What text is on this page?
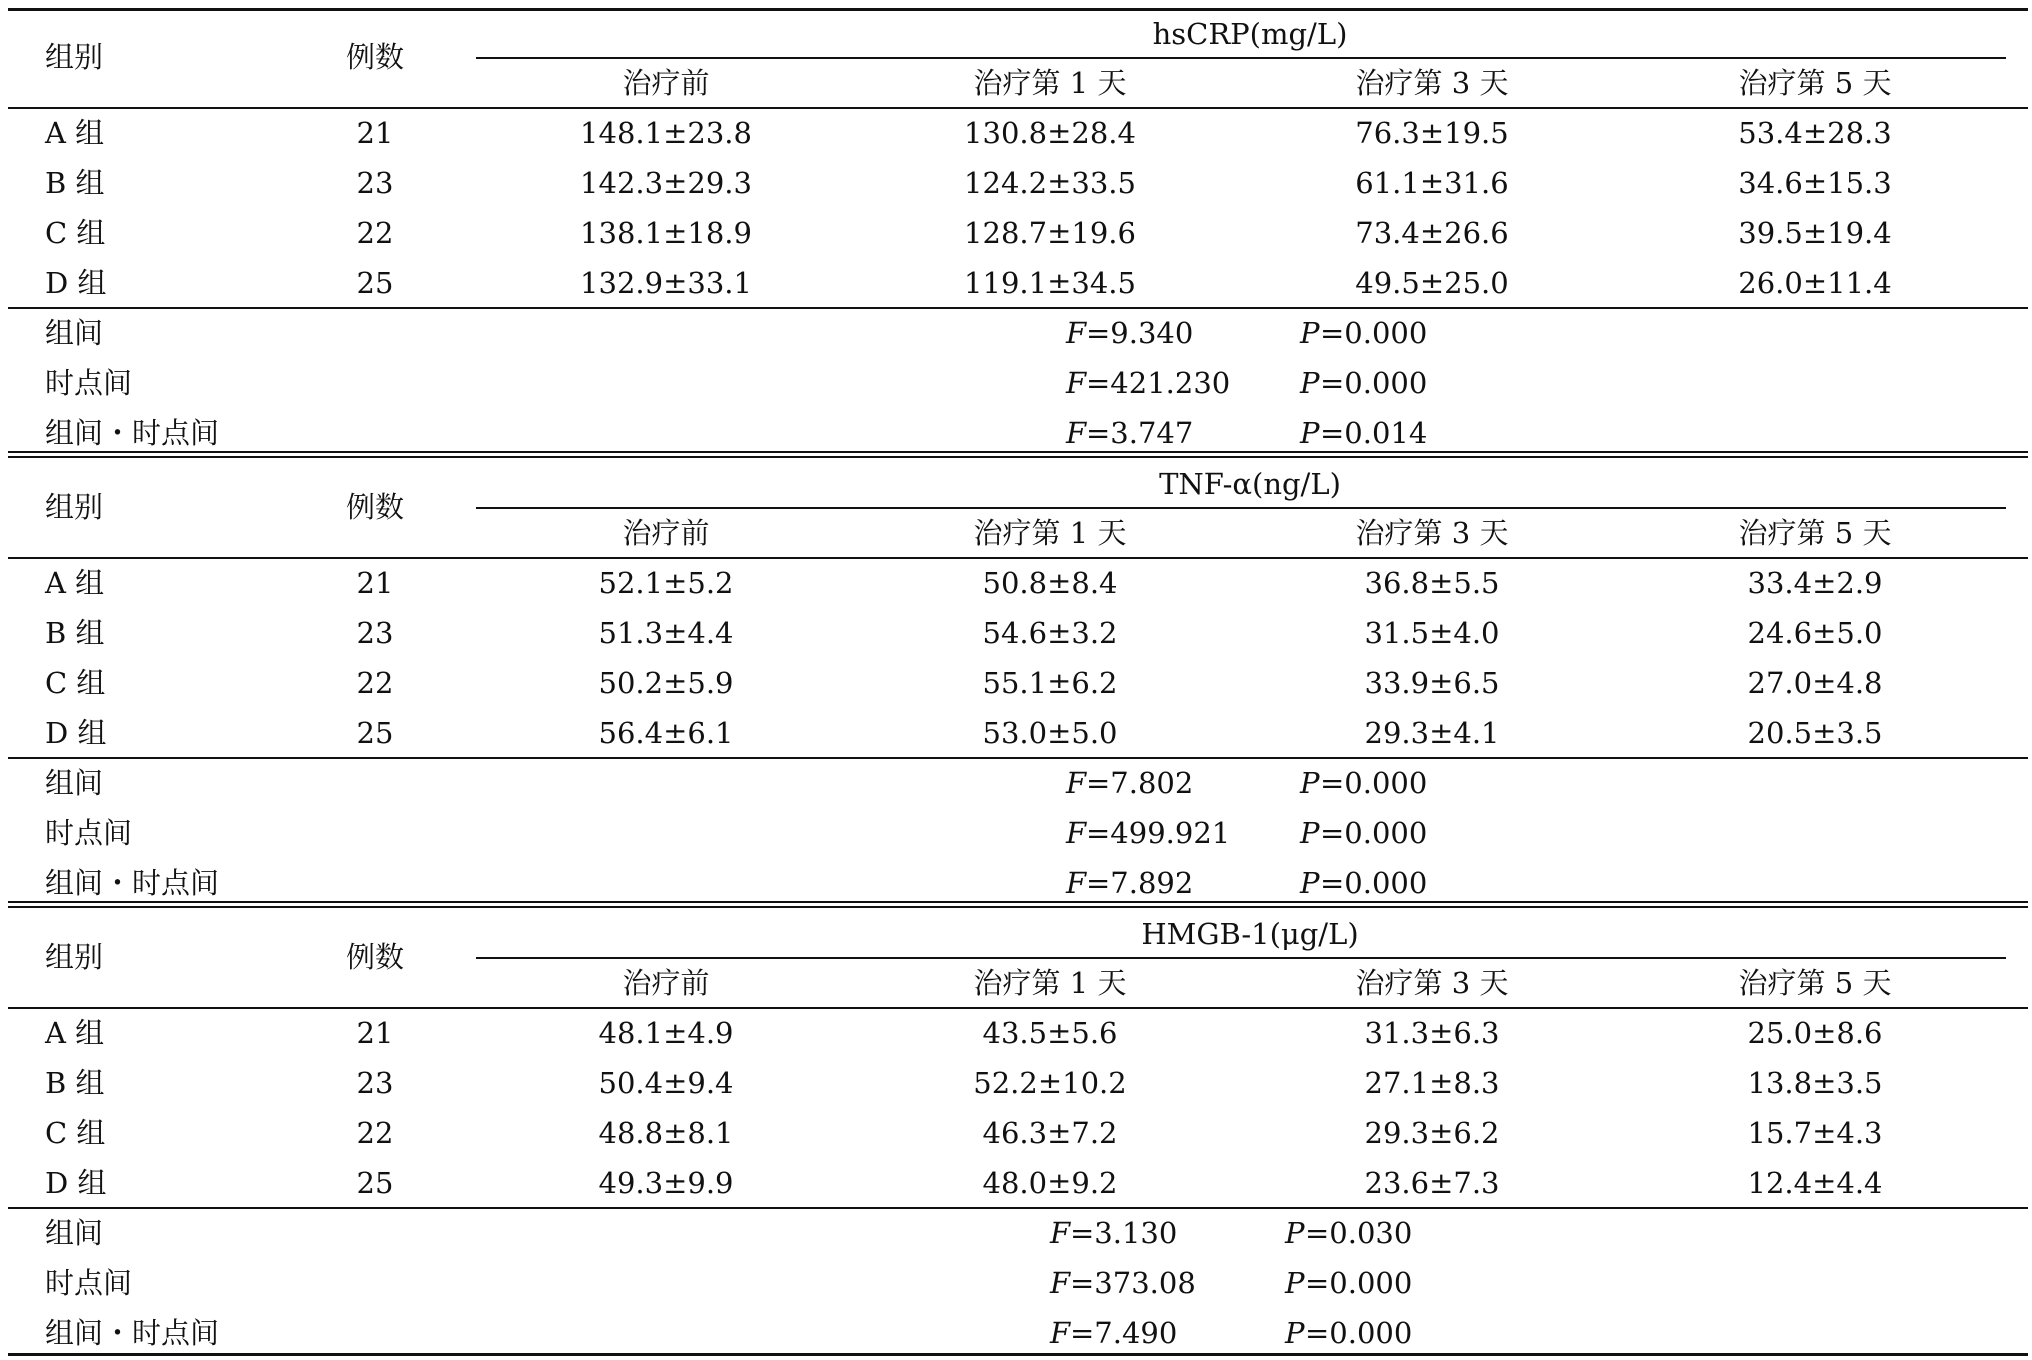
组别	例数
hsCRP(mg/L)
治疗前	治疗第 1 天	治疗第 3 天	治疗第 5 天
A 组	21	148.1±23.8	130.8±28.4	76.3±19.5	53.4±28.3
B 组	23	142.3±29.3	124.2±33.5	61.1±31.6	34.6±15.3
C 组	22	138.1±18.9	128.7±19.6	73.4±26.6	39.5±19.4
D 组	25	132.9±33.1	119.1±34.5	49.5±25.0	26.0±11.4
组间	F =9.340	P =0.000
时点间	F =421.230 P =0.000
组间・时点间	F =3.747	P =0.014
组别	例数
TNF-α(ng/L)
治疗前	治疗第 1 天	治疗第 3 天	治疗第 5 天
A 组	21	52.1±5.2	50.8±8.4	36.8±5.5	33.4±2.9
B 组	23	51.3±4.4	54.6±3.2	31.5±4.0	24.6±5.0
C 组	22	50.2±5.9	55.1±6.2	33.9±6.5	27.0±4.8
D 组	25	56.4±6.1	53.0±5.0	29.3±4.1	20.5±3.5
组间	F =7.802	P =0.000
时点间	F =499.921 P =0.000
组间・时点间	F =7.892	P =0.000
组别	例数
HMGB-1(μg/L)
治疗前	治疗第 1 天	治疗第 3 天	治疗第 5 天
A 组	21	48.1±4.9	43.5±5.6	31.3±6.3	25.0±8.6
B 组	23	50.4±9.4	52.2±10.2	27.1±8.3	13.8±3.5
C 组	22	48.8±8.1	46.3±7.2	29.3±6.2	15.7±4.3
D 组	25	49.3±9.9	48.0±9.2	23.6±7.3	12.4±4.4
组间	F =3.130	P =0.030
时点间	F =373.08	P =0.000
组间・时点间	F =7.490	P =0.000
